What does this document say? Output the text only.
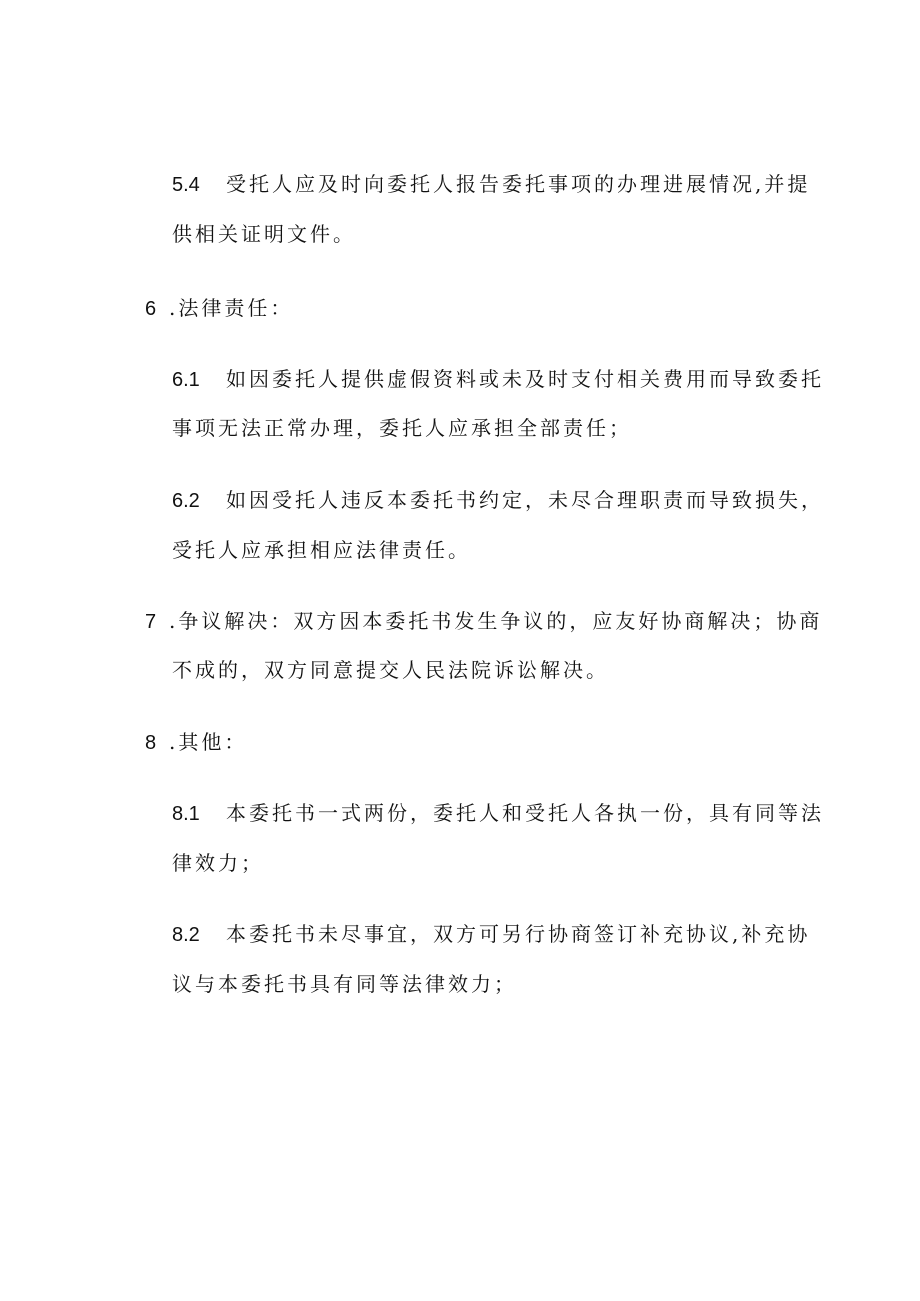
5.4 受托人应及时向委托人报告委托事项的办理进展情况,并提
供相关证明文件。
6 .法律责任：
6.1 如因委托人提供虚假资料或未及时支付相关费用而导致委托
事项无法正常办理，委托人应承担全部责任；
6.2 如因受托人违反本委托书约定，未尽合理职责而导致损失，
受托人应承担相应法律责任。
7 .争议解决：双方因本委托书发生争议的，应友好协商解决；协商
不成的，双方同意提交人民法院诉讼解决。
8 .其他：
8.1 本委托书一式两份，委托人和受托人各执一份，具有同等法
律效力；
8.2 本委托书未尽事宜，双方可另行协商签订补充协议,补充协
议与本委托书具有同等法律效力；
